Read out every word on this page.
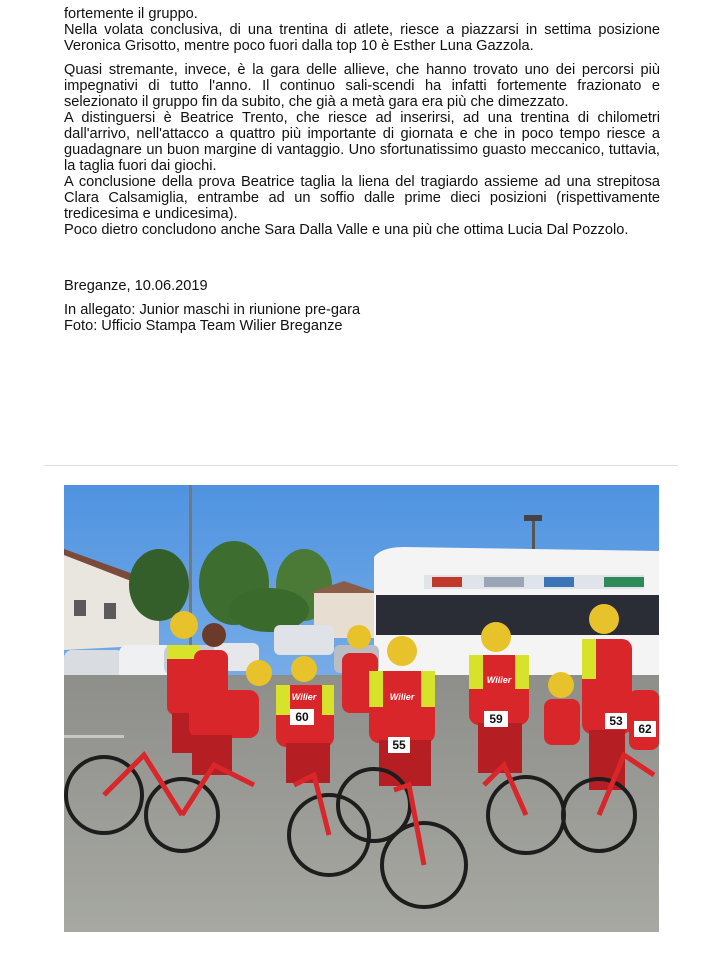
fortemente il gruppo.

Nella volata conclusiva, di una trentina di atlete, riesce a piazzarsi in settima posizione Veronica Grisotto, mentre poco fuori dalla top 10 è Esther Luna Gazzola.

Quasi stremante, invece, è la gara delle allieve, che hanno trovato uno dei percorsi più impegnativi di tutto l'anno. Il continuo sali-scendi ha infatti fortemente frazionato e selezionato il gruppo fin da subito, che già a metà gara era più che dimezzato.

A distinguersi è Beatrice Trento, che riesce ad inserirsi, ad una trentina di chilometri dall'arrivo, nell'attacco a quattro più importante di giornata e che in poco tempo riesce a guadagnare un buon margine di vantaggio. Uno sfortunatissimo guasto meccanico, tuttavia, la taglia fuori dai giochi.

A conclusione della prova Beatrice taglia la liena del tragiardo assieme ad una strepitosa Clara Calsamiglia, entrambe ad un soffio dalle prime dieci posizioni (rispettivamente tredicesima e undicesima).

Poco dietro concludono anche Sara Dalla Valle e una più che ottima Lucia Dal Pozzolo.

Breganze, 10.06.2019

In allegato: Junior maschi in riunione pre-gara

Foto: Ufficio Stampa Team Wilier Breganze

60
55
59	53
62
Wilier
Wilier
Wilier
